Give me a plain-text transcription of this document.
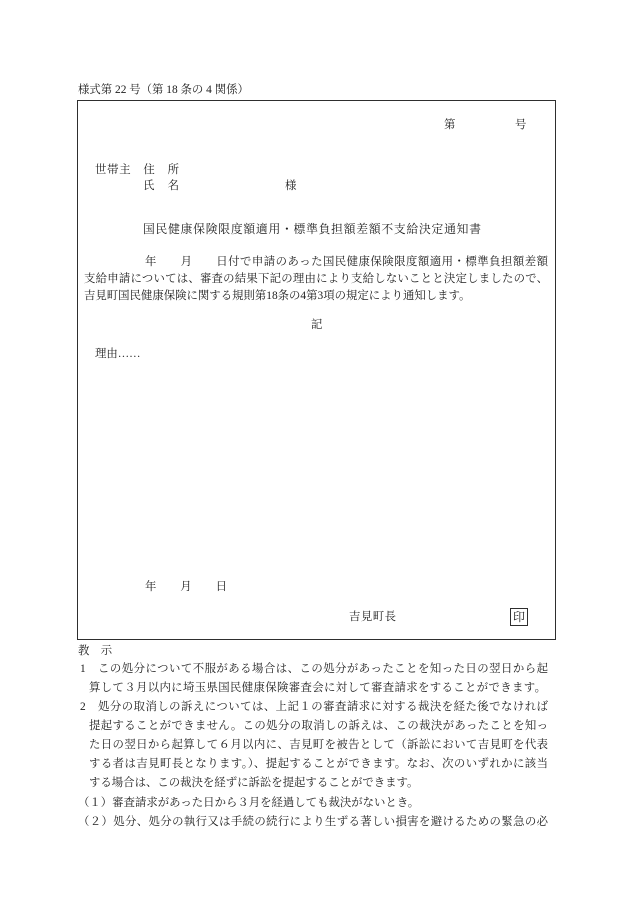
様式第 22 号（第 18 条の 4 関係）
第	号
世帯主　住　所
氏　名	様
国民健康保険限度額適用・標準負担額差額不支給決定通知書
年　　月　　日付で申請のあった国民健康保険限度額適用・標準負担額差額
支給申請については、審査の結果下記の理由により支給しないことと決定しましたので、
吉見町国民健康保険に関する規則第18条の4第3項の規定により通知します。
記
理由……
年　　月　　日
吉見町長	印
教　示
1　この処分について不服がある場合は、この処分があったことを知った日の翌日から起
算して３月以内に埼玉県国民健康保険審査会に対して審査請求をすることができます。
2　処分の取消しの訴えについては、上記１の審査請求に対する裁決を経た後でなければ
提起することができません。この処分の取消しの訴えは、この裁決があったことを知っ
た日の翌日から起算して６月以内に、吉見町を被告として（訴訟において吉見町を代表
する者は吉見町長となります。）、提起することができます。なお、次のいずれかに該当
する場合は、この裁決を経ずに訴訟を提起することができます。
（１）審査請求があった日から３月を経過しても裁決がないとき。
（２）処分、処分の執行又は手続の続行により生ずる著しい損害を避けるための緊急の必
